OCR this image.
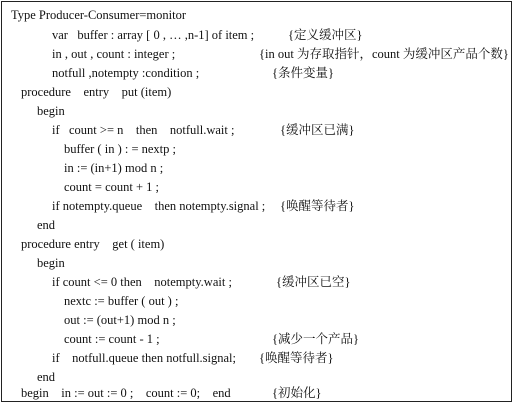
Type Producer-Consumer=monitor
var   buffer : array [ 0 , … ,n-1] of item ;	{定义缓冲区}
in , out , count : integer ;	{in out 为存取指针，count 为缓冲区产品个数}
notfull ,notempty :condition ;	{条件变量}
procedure    entry    put (item)
begin
if   count >= n    then    notfull.wait ;	{缓冲区已满}
buffer ( in ) : = nextp ;
in := (in+1) mod n ;
count = count + 1 ;
if notempty.queue    then notempty.signal ; {唤醒等待者}
end
procedure entry    get ( item)
begin
if count <= 0 then    notempty.wait ;	{缓冲区已空}
nextc := buffer ( out ) ;
out := (out+1) mod n ;
count := count - 1 ;	{减少一个产品}
if    notfull.queue then notfull.signal; {唤醒等待者}
end
begin    in := out := 0 ;    count := 0;    end	{初始化}
